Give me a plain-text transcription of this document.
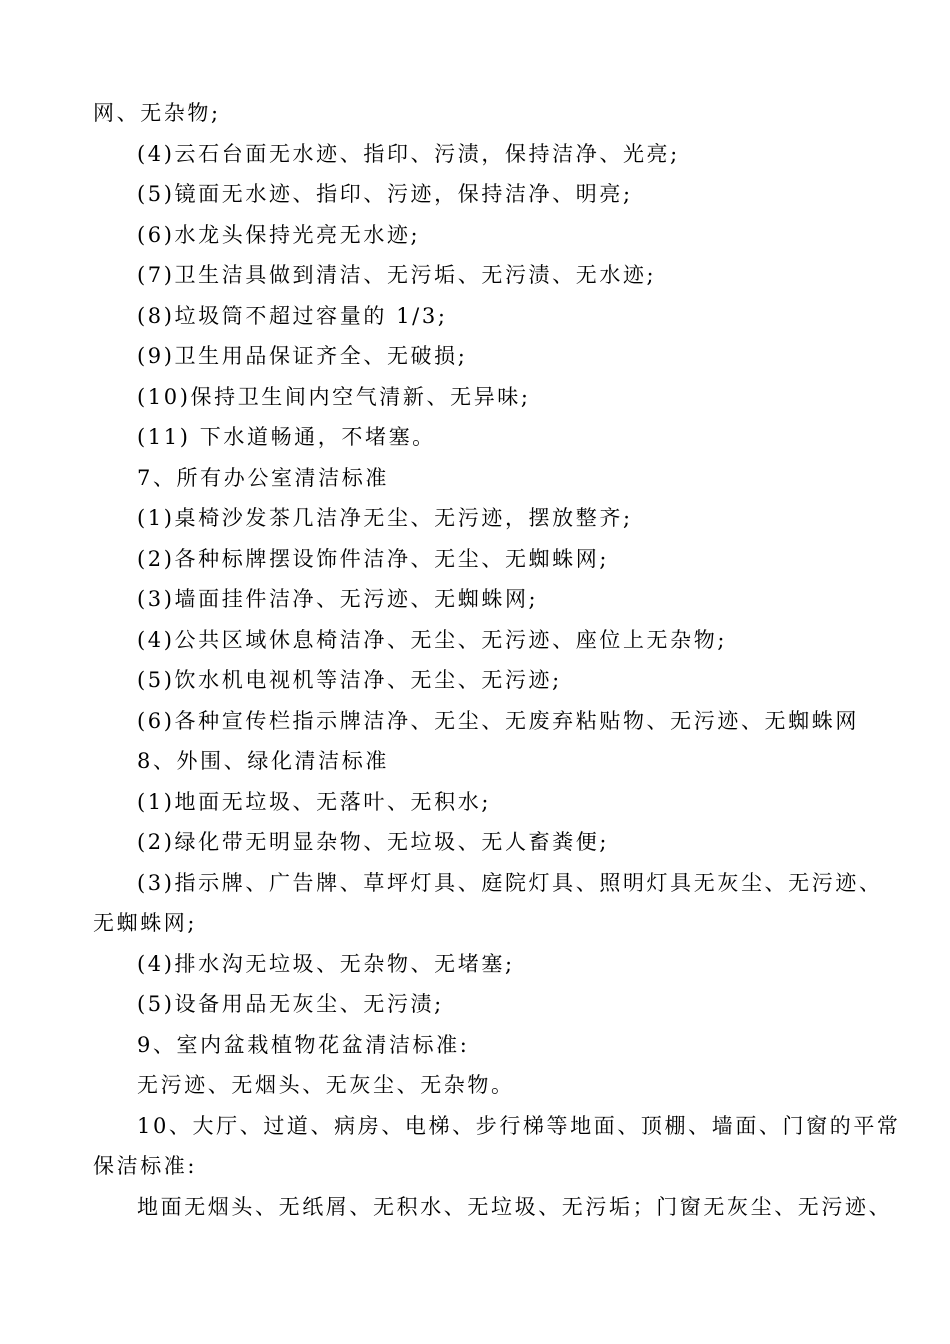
网、无杂物;
(4)云石台面无水迹、指印、污渍，保持洁净、光亮;
(5)镜面无水迹、指印、污迹，保持洁净、明亮;
(6)水龙头保持光亮无水迹;
(7)卫生洁具做到清洁、无污垢、无污渍、无水迹;
(8)垃圾筒不超过容量的 1/3;
(9)卫生用品保证齐全、无破损;
(10)保持卫生间内空气清新、无异味;
(11) 下水道畅通，不堵塞。
7、所有办公室清洁标准
(1)桌椅沙发茶几洁净无尘、无污迹，摆放整齐;
(2)各种标牌摆设饰件洁净、无尘、无蜘蛛网;
(3)墙面挂件洁净、无污迹、无蜘蛛网;
(4)公共区域休息椅洁净、无尘、无污迹、座位上无杂物;
(5)饮水机电视机等洁净、无尘、无污迹;
(6)各种宣传栏指示牌洁净、无尘、无废弃粘贴物、无污迹、无蜘蛛网
8、外围、绿化清洁标准
(1)地面无垃圾、无落叶、无积水;
(2)绿化带无明显杂物、无垃圾、无人畜粪便;
(3)指示牌、广告牌、草坪灯具、庭院灯具、照明灯具无灰尘、无污迹、
无蜘蛛网;
(4)排水沟无垃圾、无杂物、无堵塞;
(5)设备用品无灰尘、无污渍;
9、室内盆栽植物花盆清洁标准:
无污迹、无烟头、无灰尘、无杂物。
10、大厅、过道、病房、电梯、步行梯等地面、顶棚、墙面、门窗的平常
保洁标准:
地面无烟头、无纸屑、无积水、无垃圾、无污垢；门窗无灰尘、无污迹、
